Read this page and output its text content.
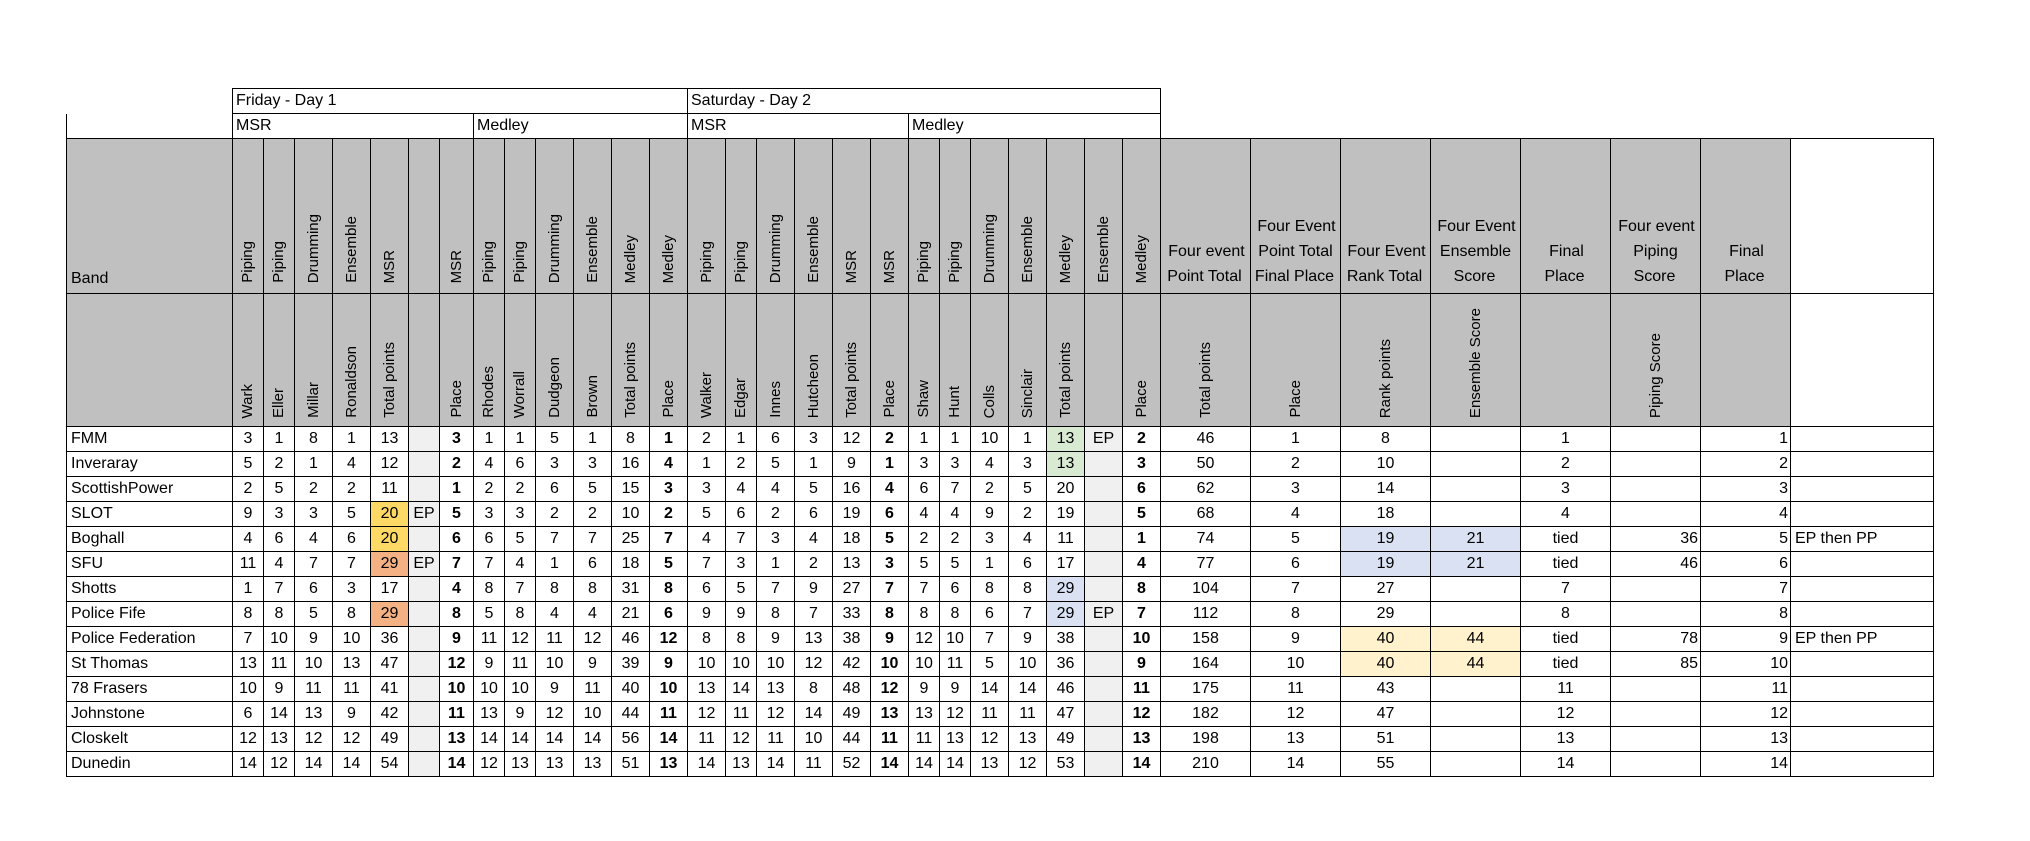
	Friday - Day 1													Saturday - Day 2																				
	MSR							Medley						MSR						Medley														
Band	Piping	Piping	Drumming	Ensemble	MSR		MSR	Piping	Piping	Drumming	Ensemble	Medley	Medley	Piping	Piping	Drumming	Ensemble	MSR	MSR	Piping	Piping	Drumming	Ensemble	Medley	Ensemble	Medley	Four event Point Total	Four Event Point Total Final Place	Four Event Rank Total	Four Event Ensemble Score	Final Place	Four event Piping Score	Final Place	
	Wark	Eller	Millar	Ronaldson	Total points		Place	Rhodes	Worrall	Dudgeon	Brown	Total points	Place	Walker	Edgar	Innes	Hutcheon	Total points	Place	Shaw	Hunt	Colls	Sinclair	Total points		Place	Total points	Place	Rank points	Ensemble Score		Piping Score		
FMM	3	1	8	1	13		3	1	1	5	1	8	1	2	1	6	3	12	2	1	1	10	1	13	EP	2	46	1	8		1		1	
Inveraray	5	2	1	4	12		2	4	6	3	3	16	4	1	2	5	1	9	1	3	3	4	3	13		3	50	2	10		2		2	
ScottishPower	2	5	2	2	11		1	2	2	6	5	15	3	3	4	4	5	16	4	6	7	2	5	20		6	62	3	14		3		3	
SLOT	9	3	3	5	20	EP	5	3	3	2	2	10	2	5	6	2	6	19	6	4	4	9	2	19		5	68	4	18		4		4	
Boghall	4	6	4	6	20		6	6	5	7	7	25	7	4	7	3	4	18	5	2	2	3	4	11		1	74	5	19	21	tied	36	5	EP then PP
SFU	11	4	7	7	29	EP	7	7	4	1	6	18	5	7	3	1	2	13	3	5	5	1	6	17		4	77	6	19	21	tied	46	6	
Shotts	1	7	6	3	17		4	8	7	8	8	31	8	6	5	7	9	27	7	7	6	8	8	29		8	104	7	27		7		7	
Police Fife	8	8	5	8	29		8	5	8	4	4	21	6	9	9	8	7	33	8	8	8	6	7	29	EP	7	112	8	29		8		8	
Police Federation	7	10	9	10	36		9	11	12	11	12	46	12	8	8	9	13	38	9	12	10	7	9	38		10	158	9	40	44	tied	78	9	EP then PP
St Thomas	13	11	10	13	47		12	9	11	10	9	39	9	10	10	10	12	42	10	10	11	5	10	36		9	164	10	40	44	tied	85	10	
78 Frasers	10	9	11	11	41		10	10	10	9	11	40	10	13	14	13	8	48	12	9	9	14	14	46		11	175	11	43		11		11	
Johnstone	6	14	13	9	42		11	13	9	12	10	44	11	12	11	12	14	49	13	13	12	11	11	47		12	182	12	47		12		12	
Closkelt	12	13	12	12	49		13	14	14	14	14	56	14	11	12	11	10	44	11	11	13	12	13	49		13	198	13	51		13		13	
Dunedin	14	12	14	14	54		14	12	13	13	13	51	13	14	13	14	11	52	14	14	14	13	12	53		14	210	14	55		14		14	
